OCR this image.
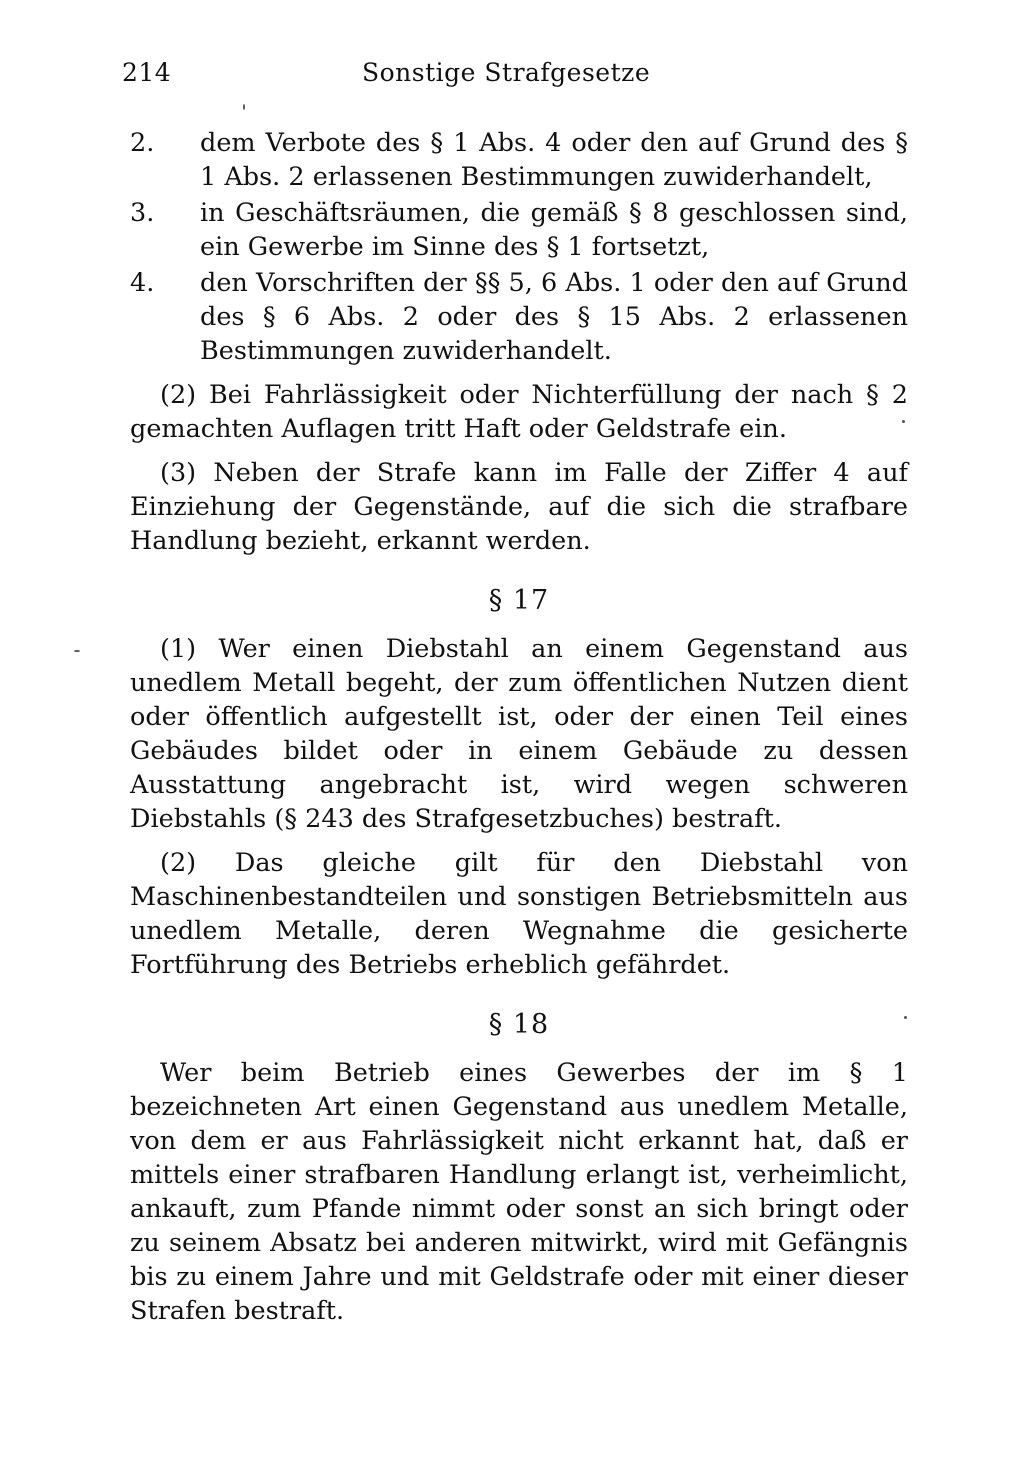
214	Sonstige Strafgesetze
2.	dem Verbote des § 1 Abs. 4 oder den auf Grund des § 1 Abs. 2 erlassenen Bestimmungen zuwiderhandelt,
3.	in Geschäftsräumen, die gemäß § 8 geschlossen sind, ein Gewerbe im Sinne des § 1 fortsetzt,
4.	den Vorschriften der §§ 5, 6 Abs. 1 oder den auf Grund des § 6 Abs. 2 oder des § 15 Abs. 2 erlassenen Bestimmungen zuwiderhandelt.

(2) Bei Fahrlässigkeit oder Nichterfüllung der nach § 2 gemachten Auflagen tritt Haft oder Geldstrafe ein.

(3) Neben der Strafe kann im Falle der Ziffer 4 auf Einziehung der Gegenstände, auf die sich die strafbare Handlung bezieht, erkannt werden.

§ 17

(1) Wer einen Diebstahl an einem Gegenstand aus unedlem Metall begeht, der zum öffentlichen Nutzen dient oder öffentlich aufgestellt ist, oder der einen Teil eines Gebäudes bildet oder in einem Gebäude zu dessen Ausstattung angebracht ist, wird wegen schweren Diebstahls (§ 243 des Strafgesetzbuches) bestraft.

(2) Das gleiche gilt für den Diebstahl von Maschinenbestandteilen und sonstigen Betriebsmitteln aus unedlem Metalle, deren Wegnahme die gesicherte Fortführung des Betriebs erheblich gefährdet.

§ 18

Wer beim Betrieb eines Gewerbes der im § 1 bezeichneten Art einen Gegenstand aus unedlem Metalle, von dem er aus Fahrlässigkeit nicht erkannt hat, daß er mittels einer strafbaren Handlung erlangt ist, verheimlicht, ankauft, zum Pfande nimmt oder sonst an sich bringt oder zu seinem Absatz bei anderen mitwirkt, wird mit Gefängnis bis zu einem Jahre und mit Geldstrafe oder mit einer dieser Strafen bestraft.
